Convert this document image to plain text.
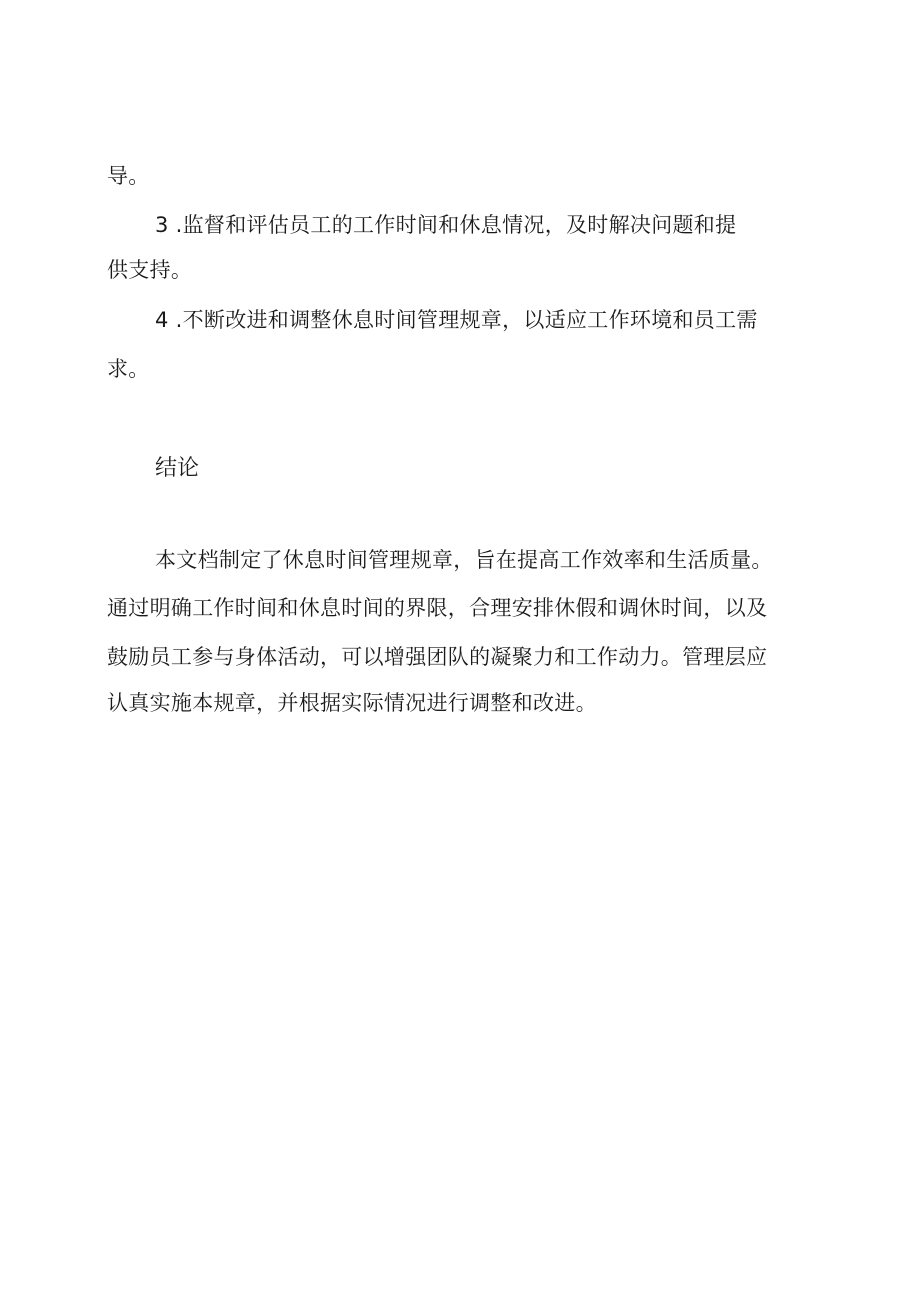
导。
3 .监督和评估员工的工作时间和休息情况，及时解决问题和提
供支持。
4 .不断改进和调整休息时间管理规章，以适应工作环境和员工需
求。
结论
本文档制定了休息时间管理规章，旨在提高工作效率和生活质量。
通过明确工作时间和休息时间的界限，合理安排休假和调休时间，以及
鼓励员工参与身体活动，可以增强团队的凝聚力和工作动力。管理层应
认真实施本规章，并根据实际情况进行调整和改进。
